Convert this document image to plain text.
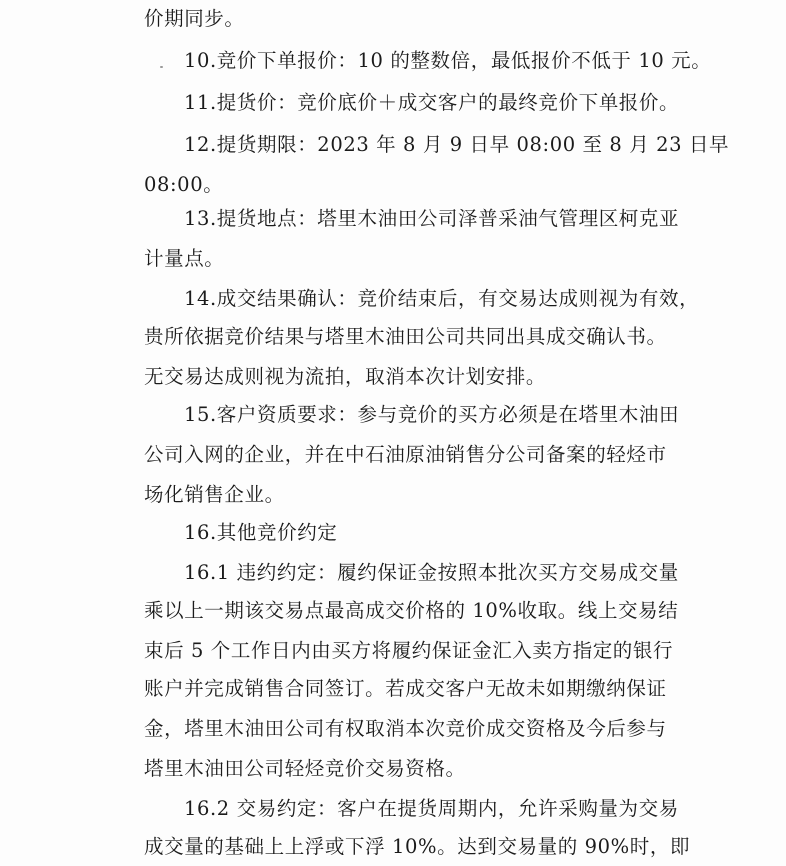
价期同步。
10.竞价下单报价：10 的整数倍，最低报价不低于 10 元。
11.提货价：竞价底价＋成交客户的最终竞价下单报价。
12.提货期限：2023 年 8 月 9 日早 08:00 至 8 月 23 日早
08:00。
13.提货地点：塔里木油田公司泽普采油气管理区柯克亚
计量点。
14.成交结果确认：竞价结束后，有交易达成则视为有效，
贵所依据竞价结果与塔里木油田公司共同出具成交确认书。
无交易达成则视为流拍，取消本次计划安排。
15.客户资质要求：参与竞价的买方必须是在塔里木油田
公司入网的企业，并在中石油原油销售分公司备案的轻烃市
场化销售企业。
16.其他竞价约定
16.1 违约约定：履约保证金按照本批次买方交易成交量
乘以上一期该交易点最高成交价格的 10%收取。线上交易结
束后 5 个工作日内由买方将履约保证金汇入卖方指定的银行
账户并完成销售合同签订。若成交客户无故未如期缴纳保证
金，塔里木油田公司有权取消本次竞价成交资格及今后参与
塔里木油田公司轻烃竞价交易资格。
16.2 交易约定：客户在提货周期内，允许采购量为交易
成交量的基础上上浮或下浮 10%。达到交易量的 90%时，即
